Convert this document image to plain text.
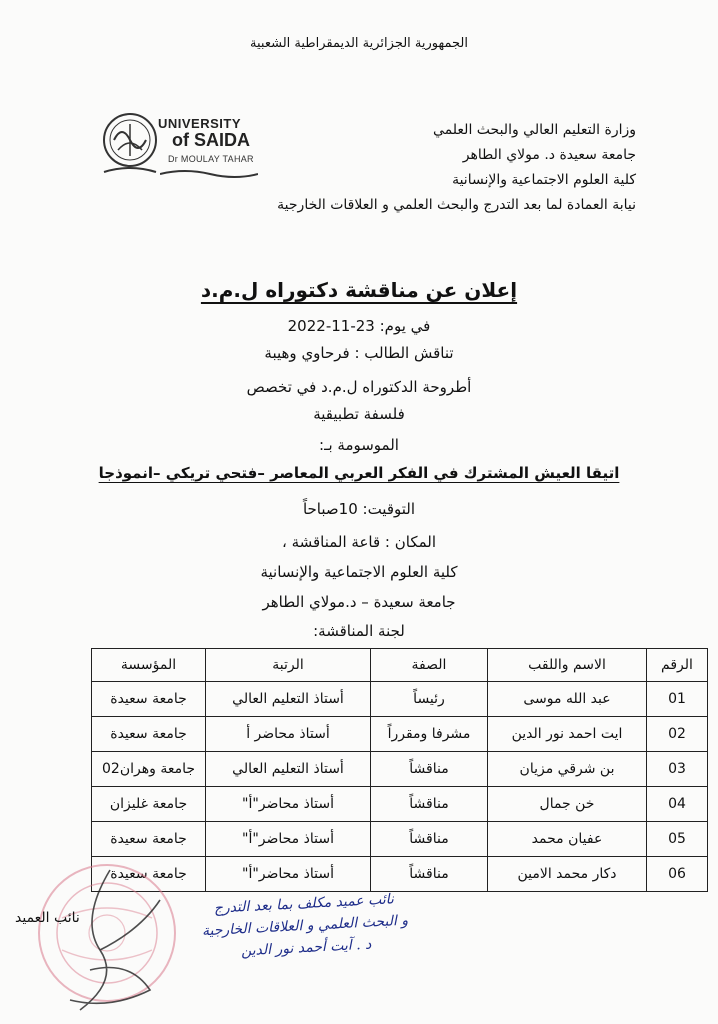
الجمهورية الجزائرية الديمقراطية الشعبية
UNIVERSITY
of SAIDA
Dr MOULAY TAHAR
وزارة التعليم العالي والبحث العلمي
جامعة سعيدة د. مولاي الطاهر
كلية العلوم الاجتماعية والإنسانية
نيابة العمادة لما بعد التدرج والبحث العلمي و العلاقات الخارجية
إعلان عن مناقشة دكتوراه ل.م.د
في يوم: 23-11-2022
تناقش الطالب : فرحاوي وهيبة
أطروحة الدكتوراه ل.م.د في تخصص
فلسفة تطبيقية
الموسومة بـ:
اتيقا العيش المشترك في الفكر العربي المعاصر –فتحي تريكي –انموذجا
التوقيت: 10صباحاً
المكان : قاعة المناقشة ،
كلية العلوم الاجتماعية والإنسانية
جامعة سعيدة – د.مولاي الطاهر
لجنة المناقشة:
الرقم	الاسم واللقب	الصفة	الرتبة	المؤسسة
01	عبد الله موسى	رئيساً	أستاذ التعليم العالي	جامعة سعيدة
02	ايت احمد نور الدين	مشرفا ومقرراً	أستاذ محاضر أ	جامعة سعيدة
03	بن شرقي مزيان	مناقشاً	أستاذ التعليم العالي	جامعة وهران02
04	خن جمال	مناقشاً	أستاذ محاضر"أ"	جامعة غليزان
05	عفيان محمد	مناقشاً	أستاذ محاضر"أ"	جامعة سعيدة
06	دكار محمد الامين	مناقشاً	أستاذ محاضر"أ"	جامعة سعيدة
نائب العميد
نائب عميد مكلف بما بعد التدرج
و البحث العلمي و العلاقات الخارجية
د . آيت أحمد نور الدين
